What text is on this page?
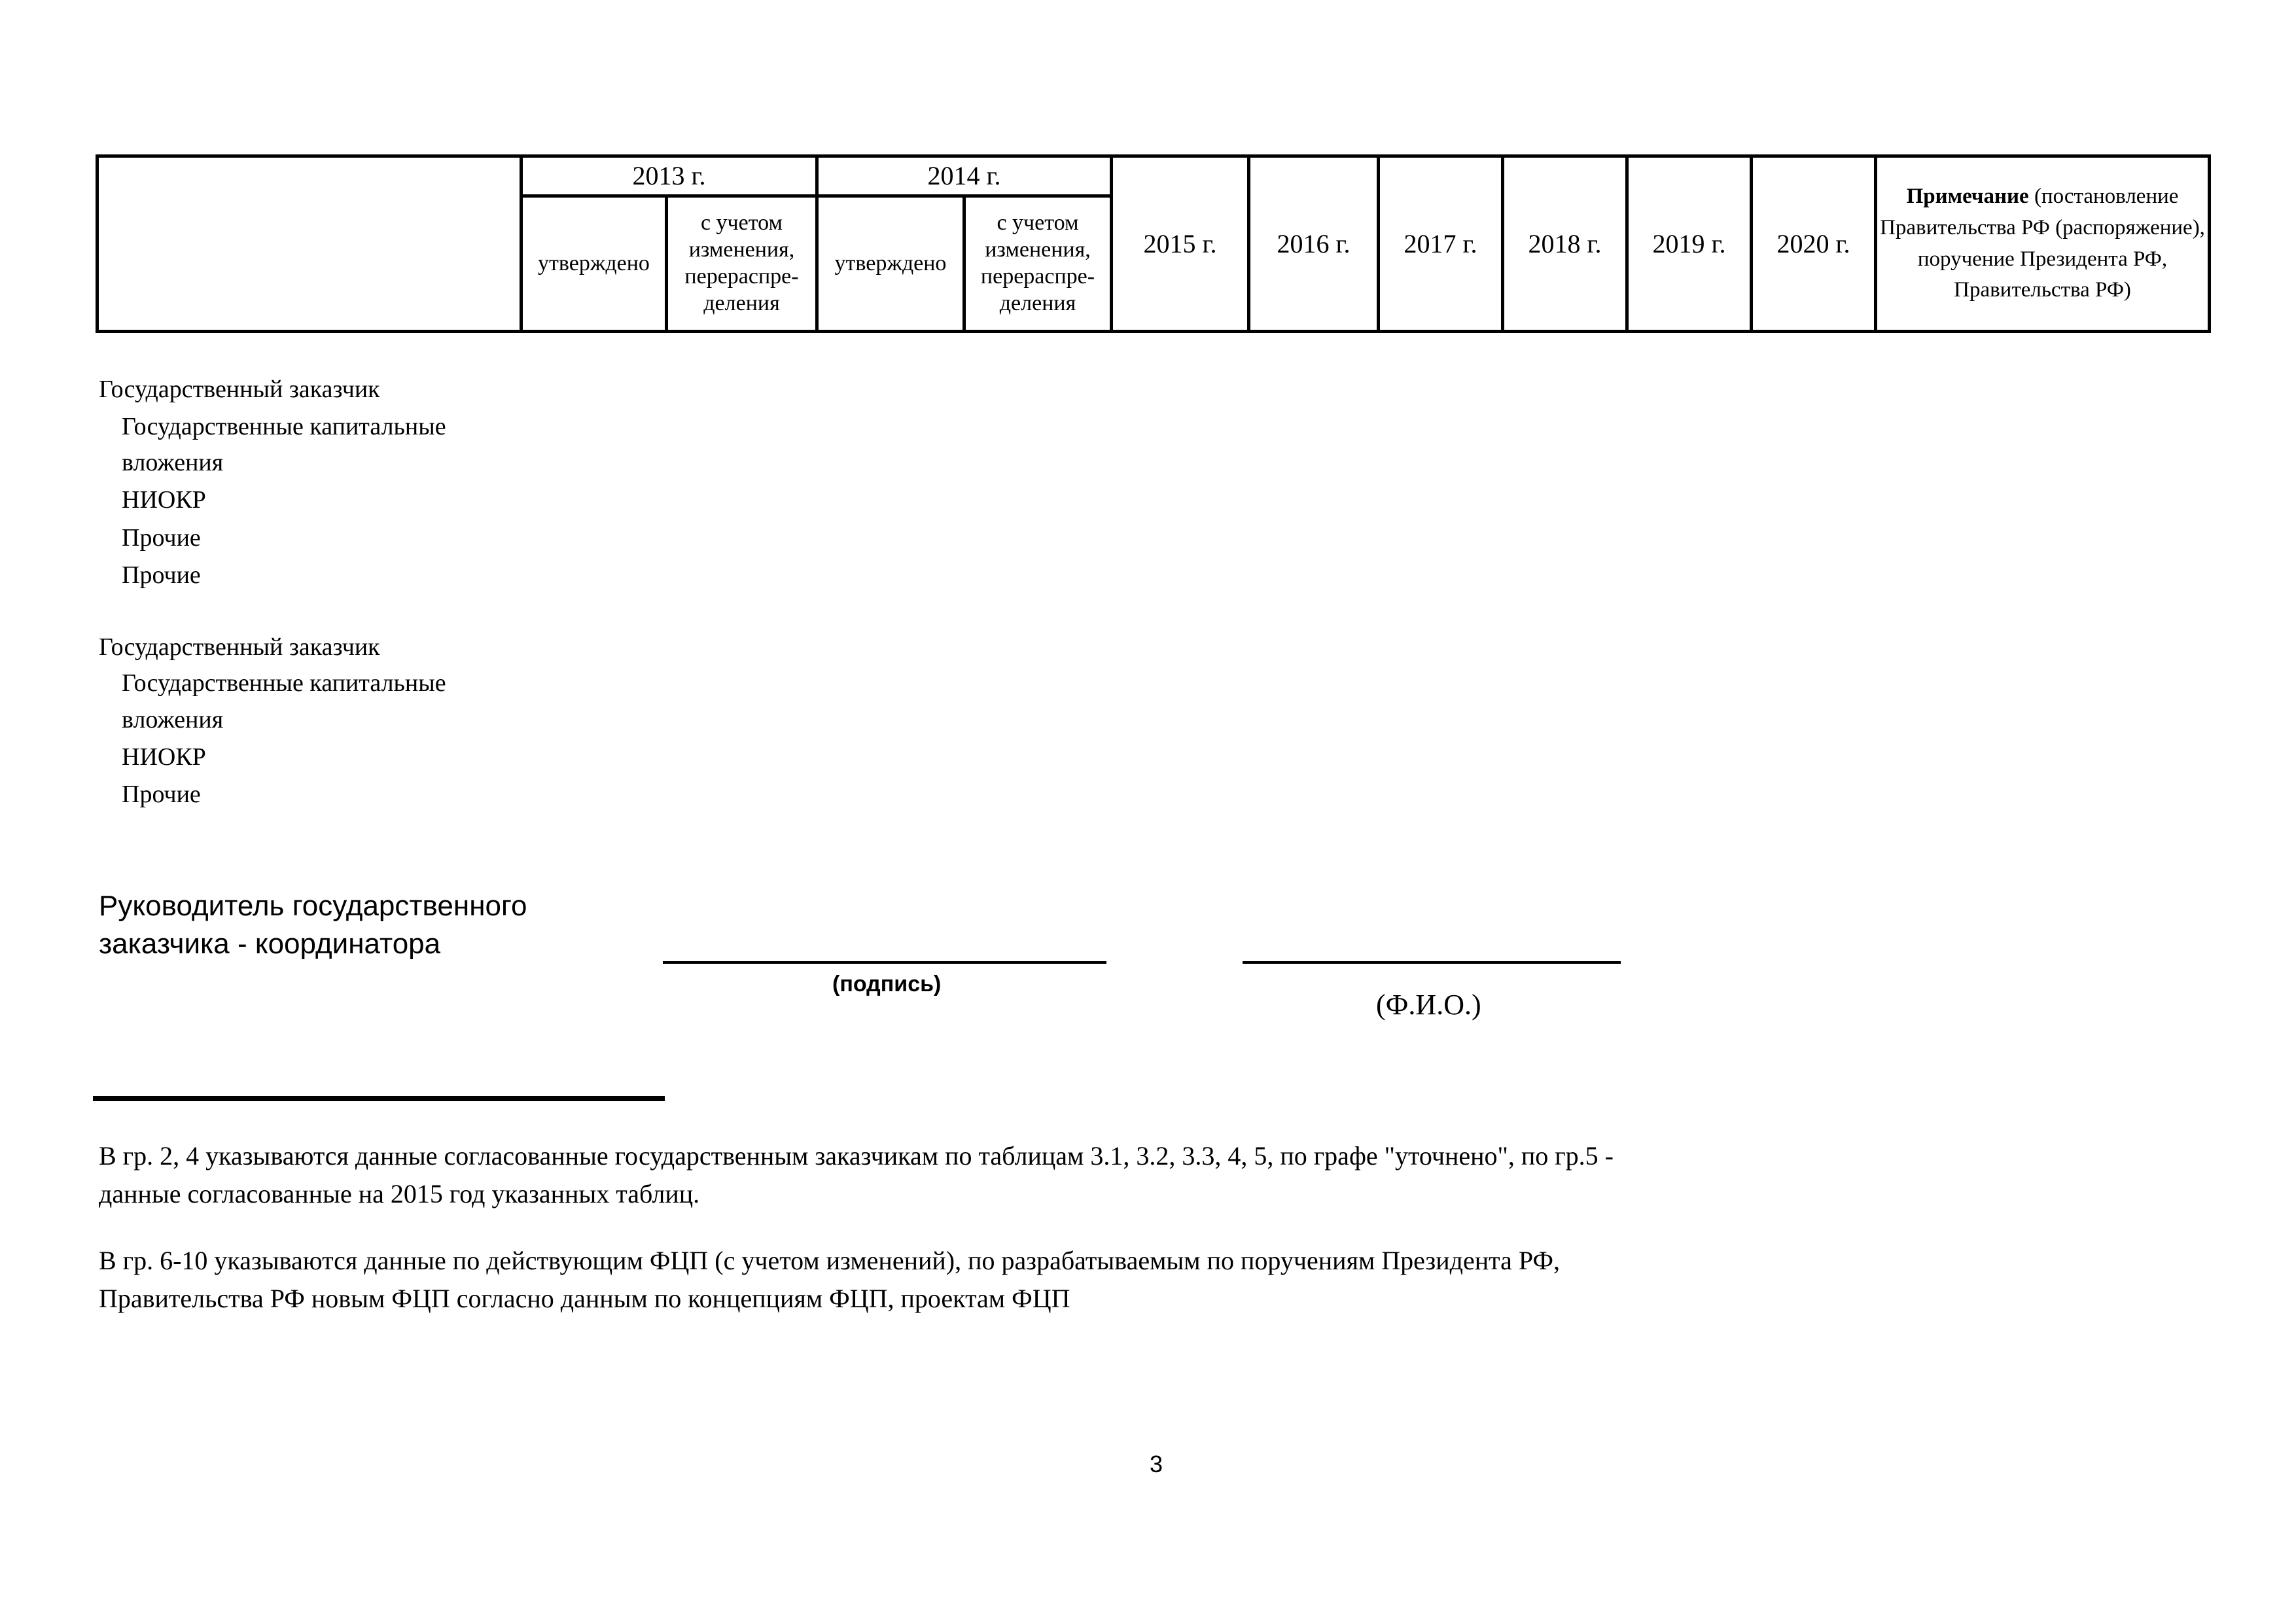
	2013 г.		2014 г.		2015 г.	2016 г.	2017 г.	2018 г.	2019 г.	2020 г.	Примечание (постановление Правительства РФ (распоряжение), поручение Президента РФ, Правительства РФ)
	утверждено	с учетом изменения, перераспре-деления	утверждено	с учетом изменения, перераспре-деления							
Государственный заказчик
Государственные капитальные
вложения
НИОКР
Прочие
Прочие
Государственный заказчик
Государственные капитальные
вложения
НИОКР
Прочие
Руководитель государственного
заказчика - координатора
(подпись)
(Ф.И.О.)
В гр. 2, 4 указываются данные согласованные государственным заказчикам по таблицам 3.1, 3.2, 3.3, 4, 5, по графе "уточнено", по гр.5 -
данные согласованные на 2015 год указанных таблиц.
В гр. 6-10 указываются данные по действующим ФЦП (с учетом изменений), по разрабатываемым по поручениям Президента РФ,
Правительства РФ новым ФЦП согласно данным по концепциям ФЦП, проектам ФЦП
3
